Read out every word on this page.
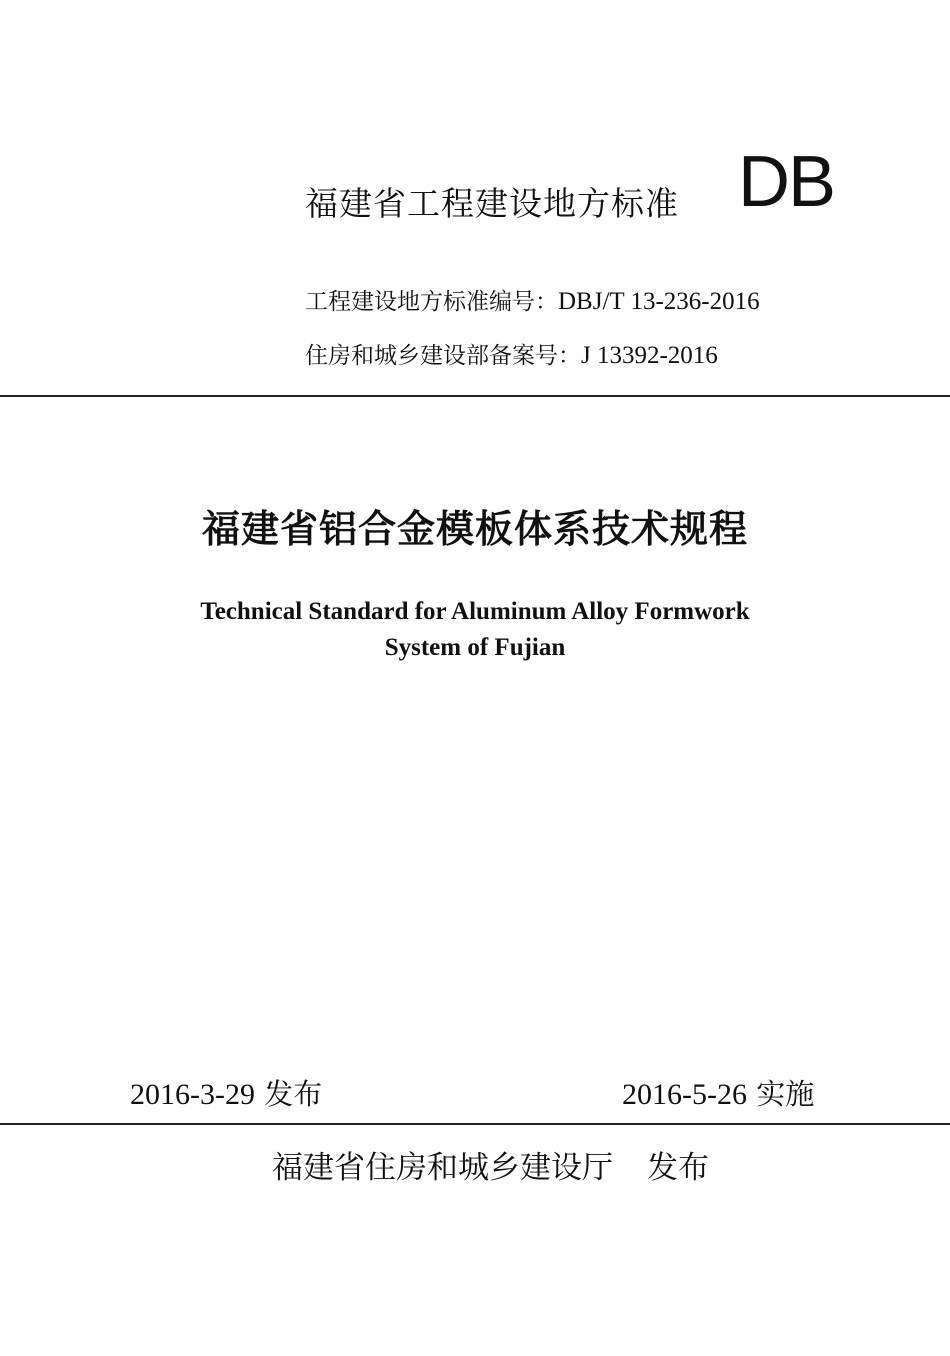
福建省工程建设地方标准 DB
工程建设地方标准编号：DBJ/T 13-236-2016
住房和城乡建设部备案号：J 13392-2016
福建省铝合金模板体系技术规程
Technical Standard for Aluminum Alloy Formwork
System of Fujian
2016-3-29 发布	2016-5-26 实施
福建省住房和城乡建设厅 发布
